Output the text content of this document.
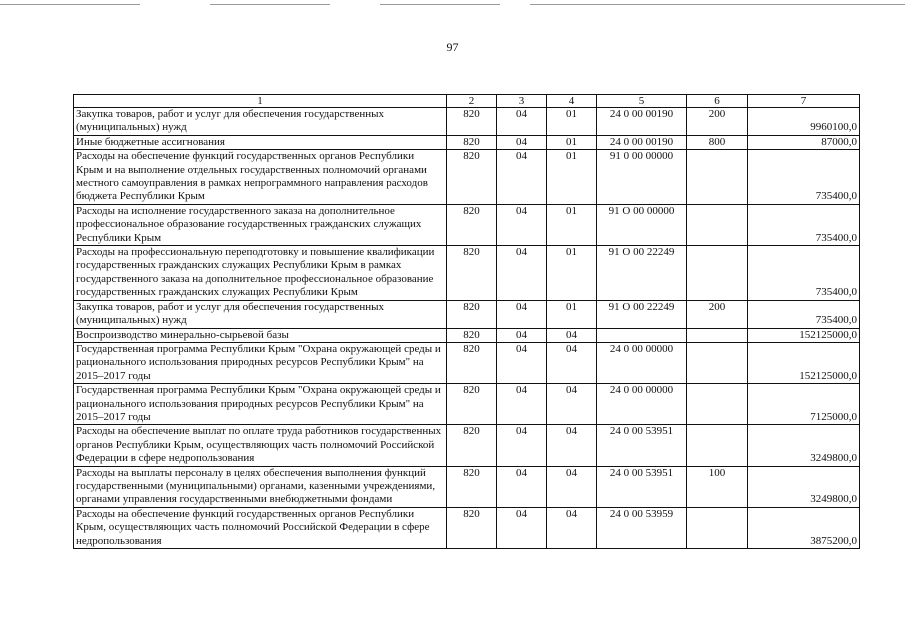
97
1	2	3	4	5	6	7
Закупка товаров, работ и услуг для обеспечения государственных (муниципальных) нужд	820	04	01	24 0 00 00190	200	9960100,0
Иные бюджетные ассигнования	820	04	01	24 0 00 00190	800	87000,0
Расходы на обеспечение функций государственных органов Республики Крым и на выполнение отдельных государственных полномочий органами местного самоуправления в рамках непрограммного направления расходов бюджета Республики Крым	820	04	01	91 0 00 00000		735400,0
Расходы на исполнение государственного заказа на дополнительное профессиональное образование государственных гражданских служащих Республики Крым	820	04	01	91 О 00 00000		735400,0
Расходы на профессиональную переподготовку и повышение квалификации государственных гражданских служащих Республики Крым в рамках государственного заказа на дополнительное профессиональное образование государственных гражданских служащих Республики Крым	820	04	01	91 О 00 22249		735400,0
Закупка товаров, работ и услуг для обеспечения государственных (муниципальных) нужд	820	04	01	91 О 00 22249	200	735400,0
Воспроизводство минерально-сырьевой базы	820	04	04			152125000,0
Государственная программа Республики Крым "Охрана окружающей среды и рационального использования природных ресурсов Республики Крым" на 2015–2017 годы	820	04	04	24 0 00 00000		152125000,0
Государственная программа Республики Крым "Охрана окружающей среды и рационального использования природных ресурсов Республики Крым" на 2015–2017 годы	820	04	04	24 0 00 00000		7125000,0
Расходы на обеспечение выплат по оплате труда работников государственных органов Республики Крым, осуществляющих часть полномочий Российской Федерации в сфере недропользования	820	04	04	24 0 00 53951		3249800,0
Расходы на выплаты персоналу в целях обеспечения выполнения функций государственными (муниципальными) органами, казенными учреждениями, органами управления государственными внебюджетными фондами	820	04	04	24 0 00 53951	100	3249800,0
Расходы на обеспечение функций государственных органов Республики Крым, осуществляющих часть полномочий Российской Федерации в сфере недропользования	820	04	04	24 0 00 53959		3875200,0
